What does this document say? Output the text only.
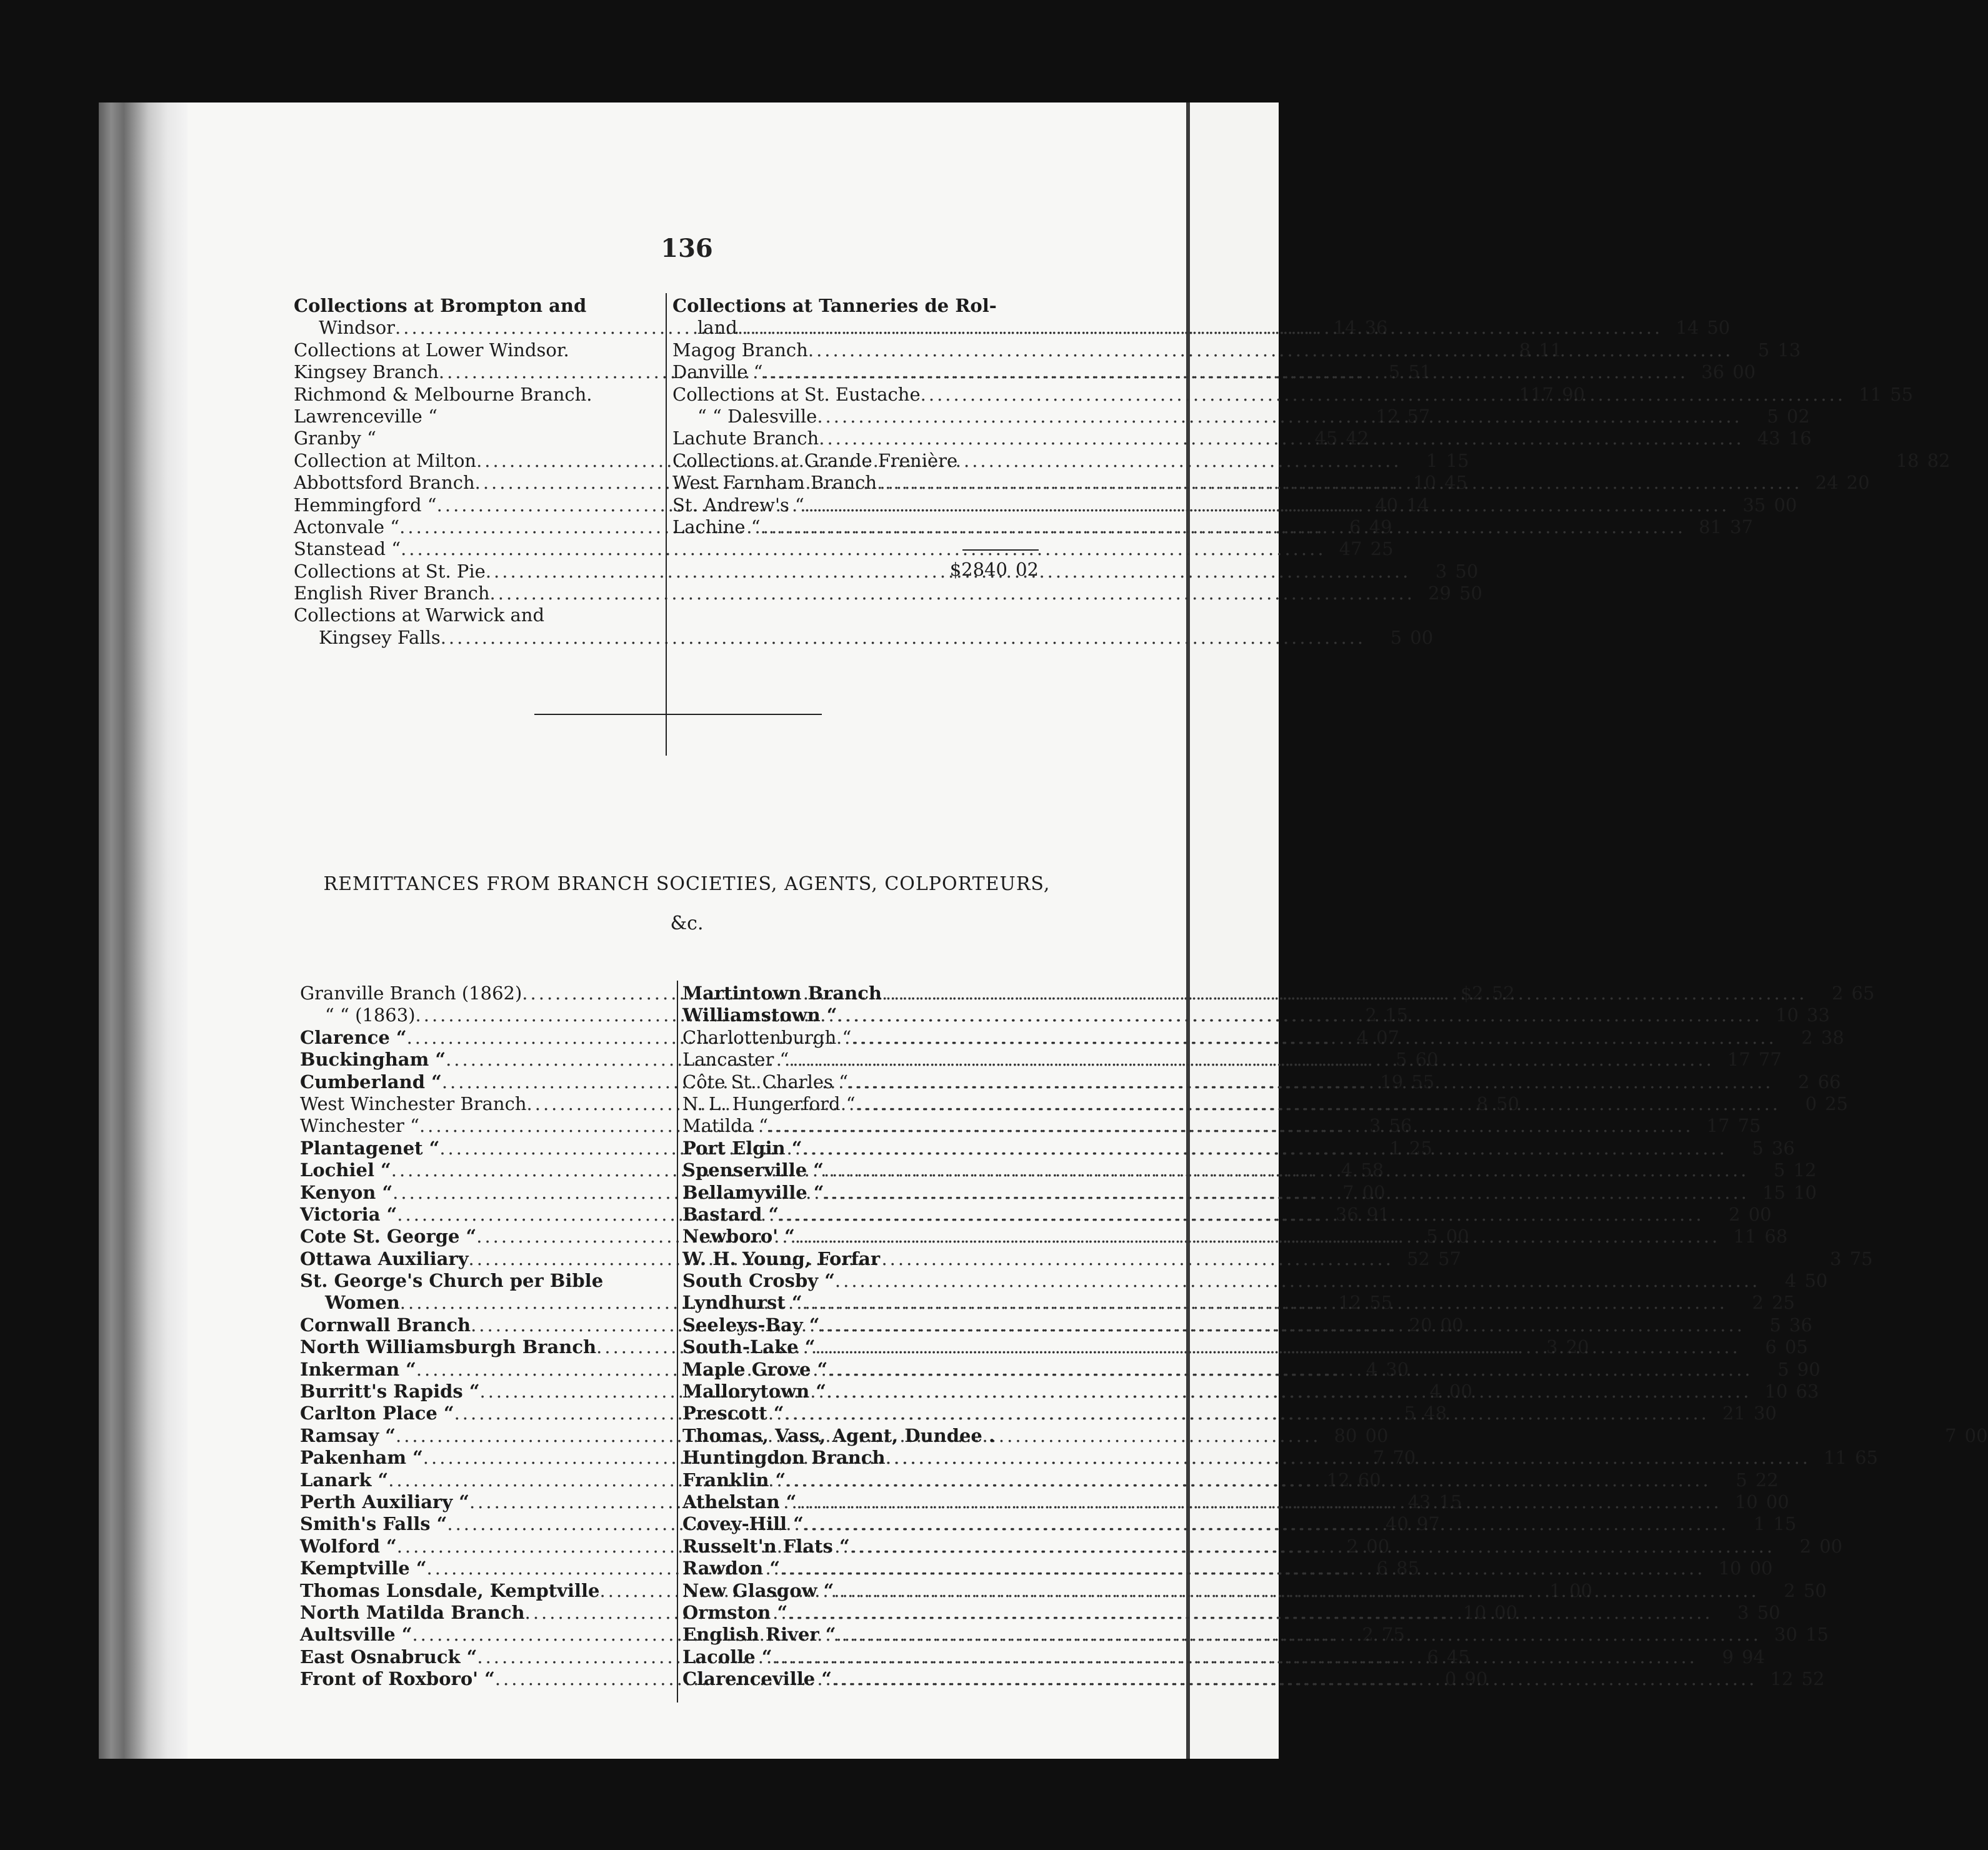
136
Collections at Brompton and
Windsor .....	14 36
Collections at Lower Windsor.	8 11
Kingsey Branch .....	5 51
Richmond & Melbourne Branch.	117 90
Lawrenceville “	12 57
Granby “	45 42
Collection at Milton .....	1 15
Abbottsford Branch .....	10 45
Hemmingford “ .....	40 14
Actonvale “ .....	6 49
Stanstead “ .....	47 25
Collections at St. Pie .....	3 50
English River Branch .....	29 50
Collections at Warwick and
Kingsey Falls .....	5 00
Collections at Tanneries de Rol-
land .....	14 50
Magog Branch .....	5 13
Danville “ .....	36 00
Collections at St. Eustache .....	11 55
“ “ Dalesville .....	5 02
Lachute Branch .....	43 16
Collections at Grande Frenière	18 82
West Farnham Branch .....	24 20
St. Andrew's “ .....	35 00
Lachine “ .....	81 37
$2840 02
REMITTANCES FROM BRANCH SOCIETIES, AGENTS, COLPORTEURS,
&c.
Granville Branch (1862) .....	$2 52
“ “ (1863) .....	2 15
Clarence “ .....	4 07
Buckingham “ .....	5 60
Cumberland “ .....	19 55
West Winchester Branch .....	8 50
Winchester “ .....	3 56
Plantagenet “ .....	1 25
Lochiel “ .....	4 58
Kenyon “ .....	7 00
Victoria “ .....	36 91
Cote St. George “ .....	5 00
Ottawa Auxiliary .....	52 57
St. George's Church per Bible
Women .....	12 55
Cornwall Branch .....	20 00
North Williamsburgh Branch .....	3 20
Inkerman “ .....	4 30
Burritt's Rapids “ .....	4 00
Carlton Place “ .....	5 48
Ramsay “ .....	80 00
Pakenham “ .....	7 70
Lanark “ .....	12 60
Perth Auxiliary “ .....	43 15
Smith's Falls “ .....	40 97
Wolford “ .....	2 00
Kemptville “ .....	6 85
Thomas Lonsdale, Kemptville .....	1 00
North Matilda Branch .....	10 00
Aultsville “ .....	2 75
East Osnabruck “ .....	6 45
Front of Roxboro' “ .....	0 90
Martintown Branch .....	2 65
Williamstown “ .....	10 33
Charlottenburgh “ .....	2 38
Lancaster “ .....	17 77
Côte St. Charles “ .....	2 66
N. L. Hungerford “ .....	0 25
Matilda “ .....	17 75
Port Elgin “ .....	5 36
Spenserville “ .....	5 12
Bellamyville “ .....	15 10
Bastard “ .....	2 00
Newboro' “ .....	11 68
W. H. Young, Forfar	3 75
South Crosby “ .....	4 50
Lyndhurst “ .....	2 25
Seeleys-Bay “ .....	5 36
South-Lake “ .....	6 05
Maple Grove “ .....	5 90
Mallorytown “ .....	10 63
Prescott “ .....	21 30
Thomas, Vass, Agent, Dundee .	7 00
Huntingdon Branch .....	11 65
Franklin “ .....	5 22
Athelstan “ .....	10 00
Covey-Hill “ .....	1 15
Russelt'n Flats “ .....	2 00
Rawdon “ .....	10 00
New Glasgow “ .....	2 50
Ormston “ .....	3 50
English River “ .....	30 15
Lacolle “ .....	9 94
Clarenceville “ .....	12 52
